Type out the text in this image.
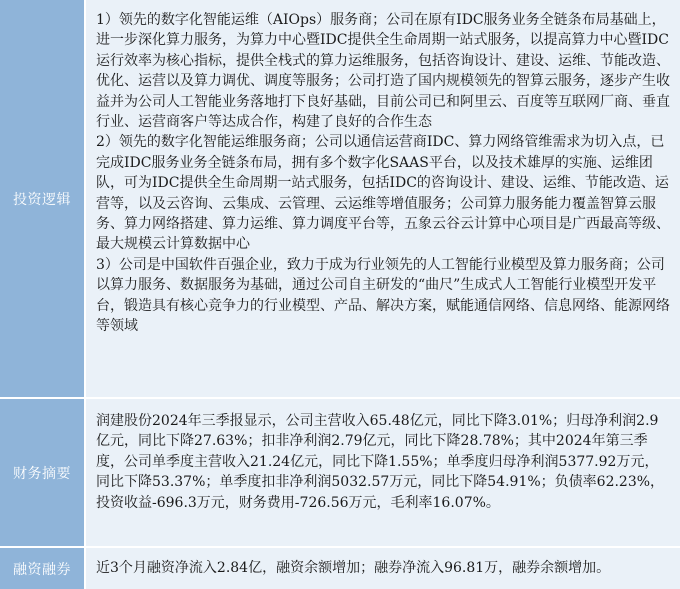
投资逻辑

1）领先的数字化智能运维（AIOps）服务商；公司在原有IDC服务业务全链条布局基础上，进一步深化算力服务，为算力中心暨IDC提供全生命周期一站式服务，以提高算力中心暨IDC运行效率为核心指标，提供全栈式的算力运维服务，包括咨询设计、建设、运维、节能改造、优化、运营以及算力调优、调度等服务；公司打造了国内规模领先的智算云服务，逐步产生收益并为公司人工智能业务落地打下良好基础，目前公司已和阿里云、百度等互联网厂商、垂直行业、运营商客户等达成合作，构建了良好的合作生态

2）领先的数字化智能运维服务商；公司以通信运营商IDC、算力网络管维需求为切入点，已完成IDC服务业务全链条布局，拥有多个数字化SAAS平台，以及技术雄厚的实施、运维团队，可为IDC提供全生命周期一站式服务，包括IDC的咨询设计、建设、运维、节能改造、运营等，以及云咨询、云集成、云管理、云运维等增值服务；公司算力服务能力覆盖智算云服务、算力网络搭建、算力运维、算力调度平台等，五象云谷云计算中心项目是广西最高等级、最大规模云计算数据中心

3）公司是中国软件百强企业，致力于成为行业领先的人工智能行业模型及算力服务商；公司以算力服务、数据服务为基础，通过公司自主研发的“曲尺”生成式人工智能行业模型开发平台，锻造具有核心竞争力的行业模型、产品、解决方案，赋能通信网络、信息网络、能源网络等领域

财务摘要

润建股份2024年三季报显示，公司主营收入65.48亿元，同比下降3.01%；归母净利润2.9亿元，同比下降27.63%；扣非净利润2.79亿元，同比下降28.78%；其中2024年第三季度，公司单季度主营收入21.24亿元，同比下降1.55%；单季度归母净利润5377.92万元，同比下降53.37%；单季度扣非净利润5032.57万元，同比下降54.91%；负债率62.23%，投资收益-696.3万元，财务费用-726.56万元，毛利率16.07%。

融资融券	近3个月融资净流入2.84亿，融资余额增加；融券净流入96.81万，融券余额增加。
